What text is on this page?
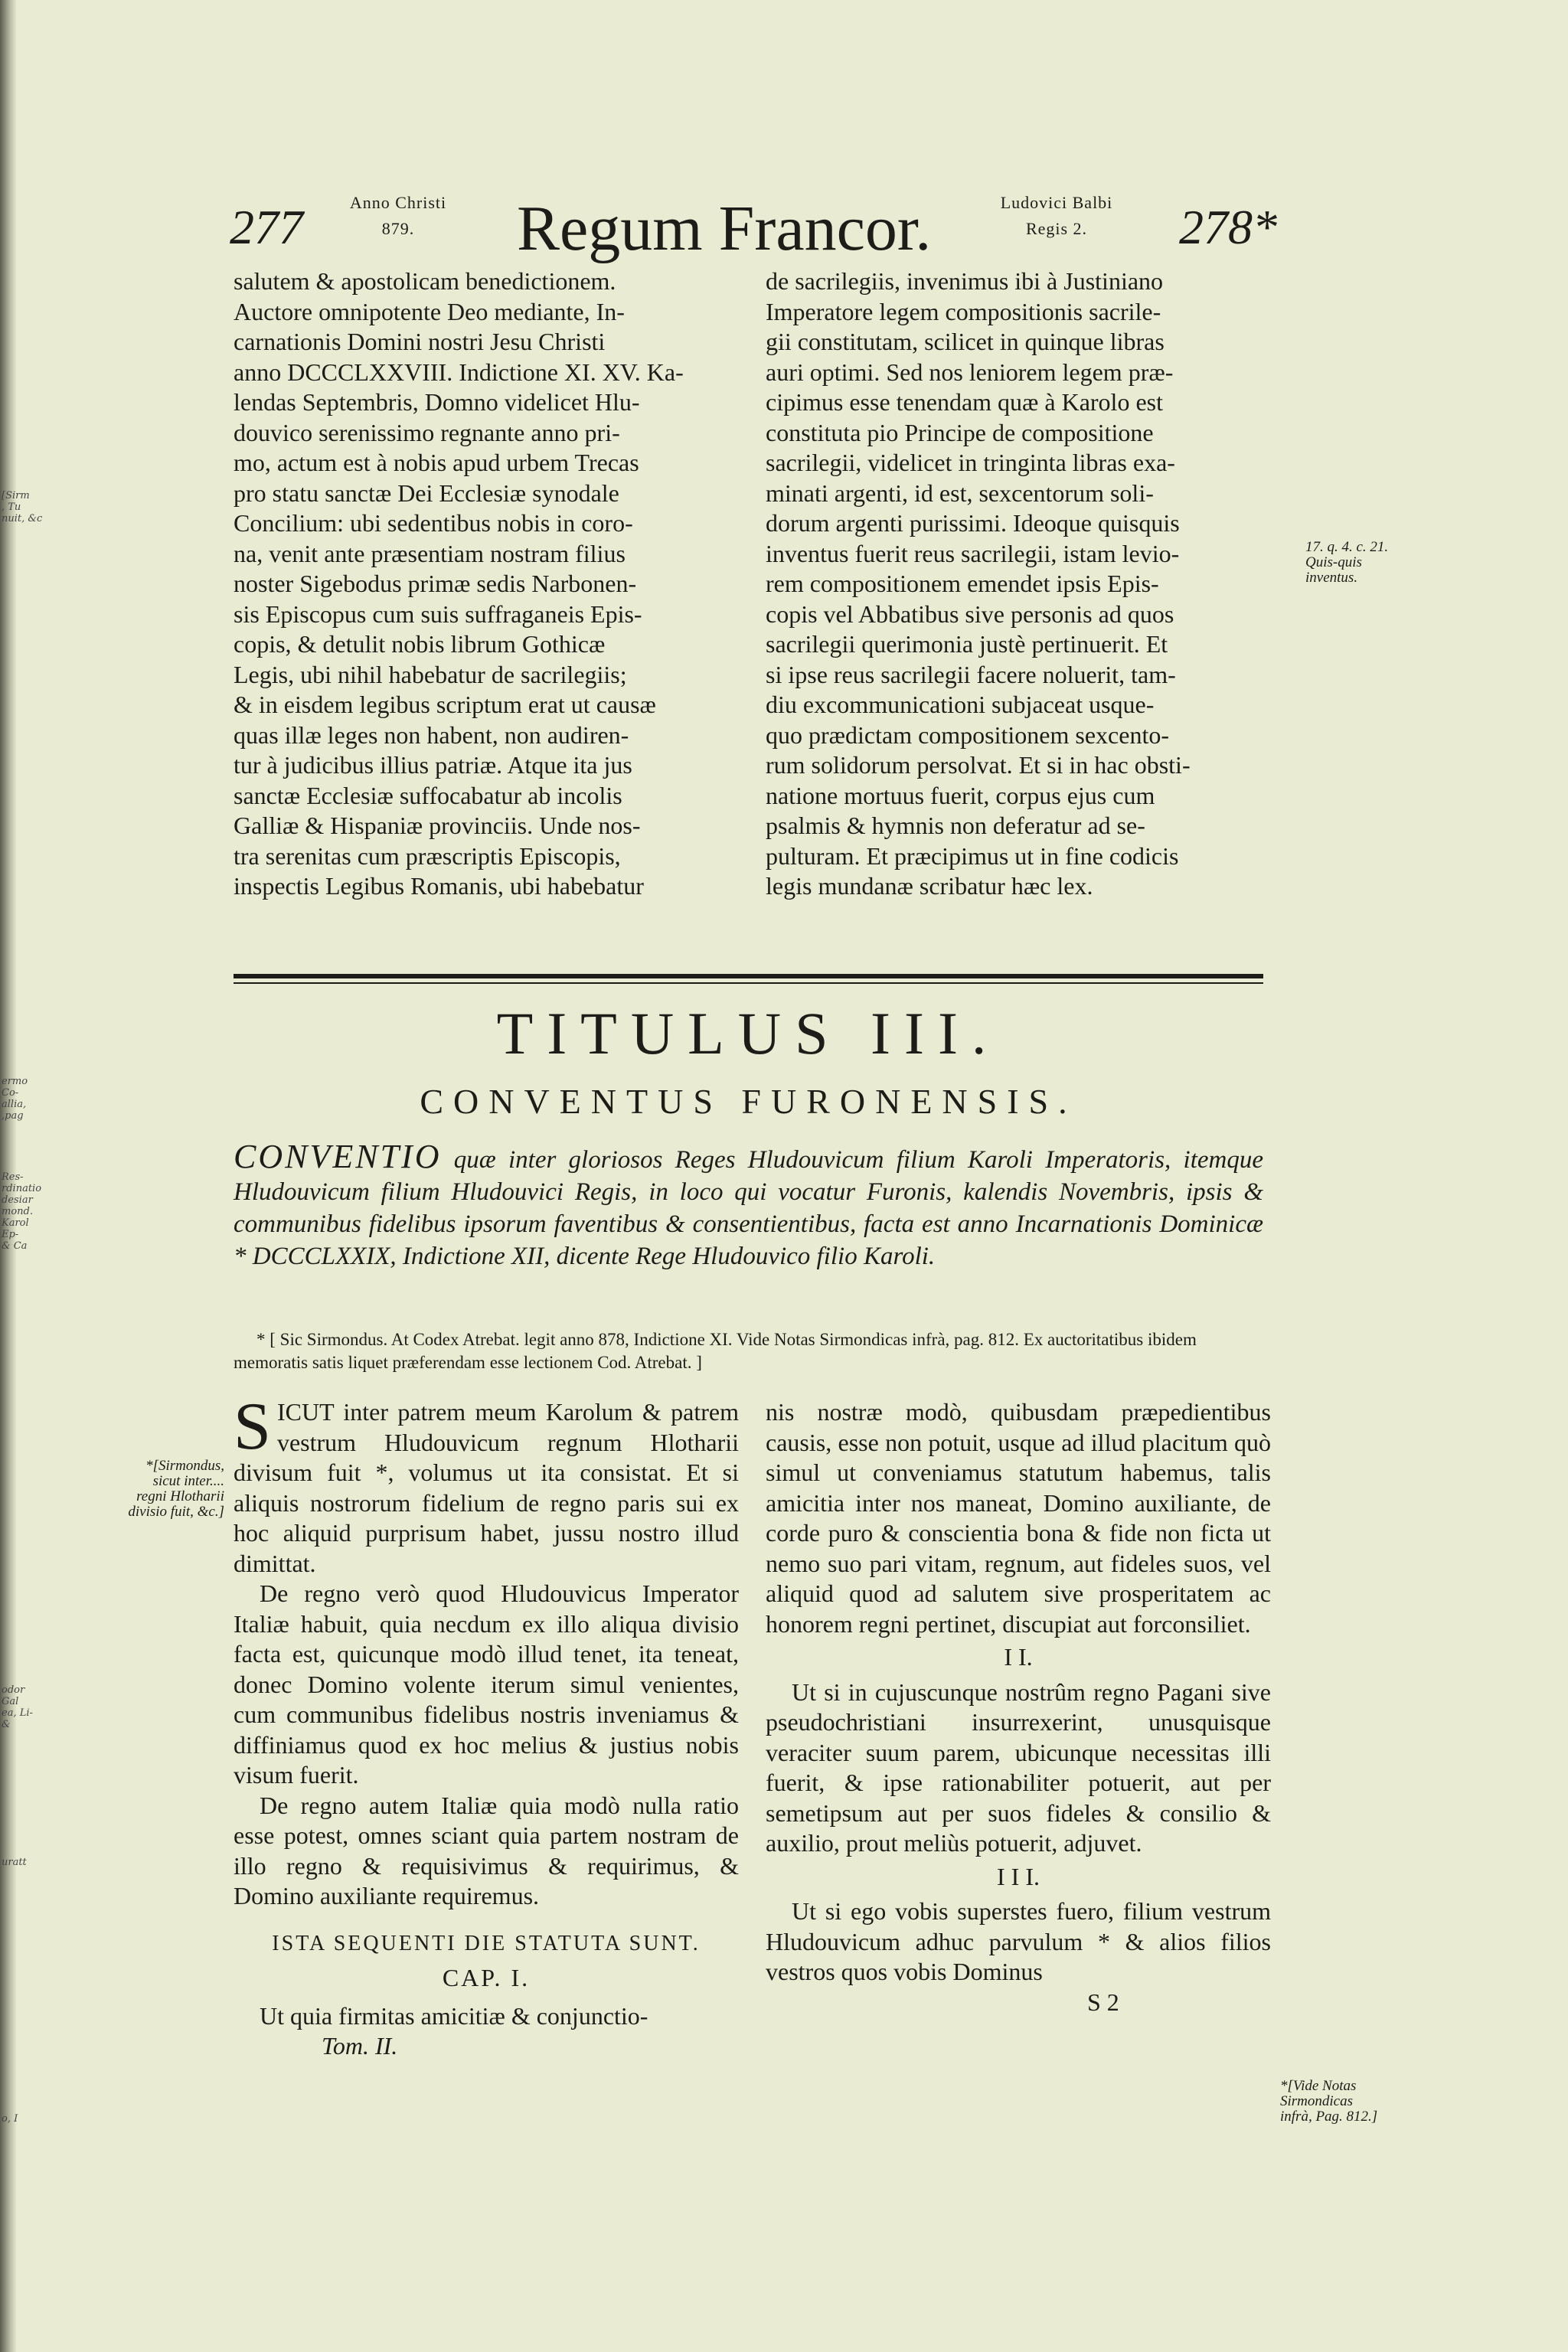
[Sirm
, Tu
nuit, &c
ermo
Co-
allia,
,pag
Res-
rdinatio
desiar
mond.
Karol
Ep-
& Ca
odor
Gal
ea, Li-
&
uratt
o, I
277	Anno Christi
879.	Regum Francor.	Ludovici Balbi
Regis 2.	278*

salutem & apostolicam benedictionem.

Auctore omnipotente Deo mediante, In-

carnationis Domini nostri Jesu Christi

anno DCCCLXXVIII. Indictione XI. XV. Ka-

lendas Septembris, Domno videlicet Hlu-

douvico serenissimo regnante anno pri-

mo, actum est à nobis apud urbem Trecas

pro statu sanctæ Dei Ecclesiæ synodale

Concilium: ubi sedentibus nobis in coro-

na, venit ante præsentiam nostram filius

noster Sigebodus primæ sedis Narbonen-

sis Episcopus cum suis suffraganeis Epis-

copis, & detulit nobis librum Gothicæ

Legis, ubi nihil habebatur de sacrilegiis;

& in eisdem legibus scriptum erat ut causæ

quas illæ leges non habent, non audiren-

tur à judicibus illius patriæ. Atque ita jus

sanctæ Ecclesiæ suffocabatur ab incolis

Galliæ & Hispaniæ provinciis. Unde nos-

tra serenitas cum præscriptis Episcopis,

inspectis Legibus Romanis, ubi habebatur

de sacrilegiis, invenimus ibi à Justiniano

Imperatore legem compositionis sacrile-

gii constitutam, scilicet in quinque libras

auri optimi. Sed nos leniorem legem præ-

cipimus esse tenendam quæ à Karolo est

constituta pio Principe de compositione

sacrilegii, videlicet in tringinta libras exa-

minati argenti, id est, sexcentorum soli-

dorum argenti purissimi. Ideoque quisquis

inventus fuerit reus sacrilegii, istam levio-

rem compositionem emendet ipsis Epis-

copis vel Abbatibus sive personis ad quos

sacrilegii querimonia justè pertinuerit. Et

si ipse reus sacrilegii facere noluerit, tam-

diu excommunicationi subjaceat usque-

quo prædictam compositionem sexcento-

rum solidorum persolvat. Et si in hac obsti-

natione mortuus fuerit, corpus ejus cum

psalmis & hymnis non deferatur ad se-

pulturam. Et præcipimus ut in fine codicis

legis mundanæ scribatur hæc lex.

17. q. 4. c. 21. Quis-quis inventus.
TITULUS III.
CONVENTUS FURONENSIS.
CONVENTIO quæ inter gloriosos Reges Hludouvicum filium Karoli Imperatoris, itemque Hludouvicum filium Hludouvici Regis, in loco qui vocatur Furonis, kalendis Novembris, ipsis & communibus fidelibus ipsorum faventibus & consentientibus, facta est anno Incarnationis Dominicæ * DCCCLXXIX, Indictione XII, dicente Rege Hludouvico filio Karoli.
* [ Sic Sirmondus. At Codex Atrebat. legit anno 878, Indictione XI. Vide Notas Sirmondicas infrà, pag. 812. Ex auctoritatibus ibidem memoratis satis liquet præferendam esse lectionem Cod. Atrebat. ]
*[Sirmondus, sicut inter.... regni Hlotharii divisio fuit, &c.]

S ICUT inter patrem meum Karolum & patrem vestrum Hludouvicum regnum Hlotharii divisum fuit *, volumus ut ita consistat. Et si aliquis nostrorum fidelium de regno paris sui ex hoc aliquid purprisum habet, jussu nostro illud dimittat.

De regno verò quod Hludouvicus Imperator Italiæ habuit, quia necdum ex illo aliqua divisio facta est, quicunque modò illud tenet, ita teneat, donec Domino volente iterum simul venientes, cum communibus fidelibus nostris inveniamus & diffiniamus quod ex hoc melius & justius nobis visum fuerit.

De regno autem Italiæ quia modò nulla ratio esse potest, omnes sciant quia partem nostram de illo regno & requisivimus & requirimus, & Domino auxiliante requiremus.

ISTA SEQUENTI DIE STATUTA SUNT.

CAP. I.

Ut quia firmitas amicitiæ & conjunctio-

Tom. II.

nis nostræ modò, quibusdam præpedientibus causis, esse non potuit, usque ad illud placitum quò simul ut conveniamus statutum habemus, talis amicitia inter nos maneat, Domino auxiliante, de corde puro & conscientia bona & fide non ficta ut nemo suo pari vitam, regnum, aut fideles suos, vel aliquid quod ad salutem sive prosperitatem ac honorem regni pertinet, discupiat aut forconsiliet.

I I.

Ut si in cujuscunque nostrûm regno Pagani sive pseudochristiani insurrexerint, unusquisque veraciter suum parem, ubicunque necessitas illi fuerit, & ipse rationabiliter potuerit, aut per semetipsum aut per suos fideles & consilio & auxilio, prout meliùs potuerit, adjuvet.

I I I.

Ut si ego vobis superstes fuero, filium vestrum Hludouvicum adhuc parvulum * & alios filios vestros quos vobis Dominus

S 2

*[Vide Notas Sirmondicas infrà, Pag. 812.]
